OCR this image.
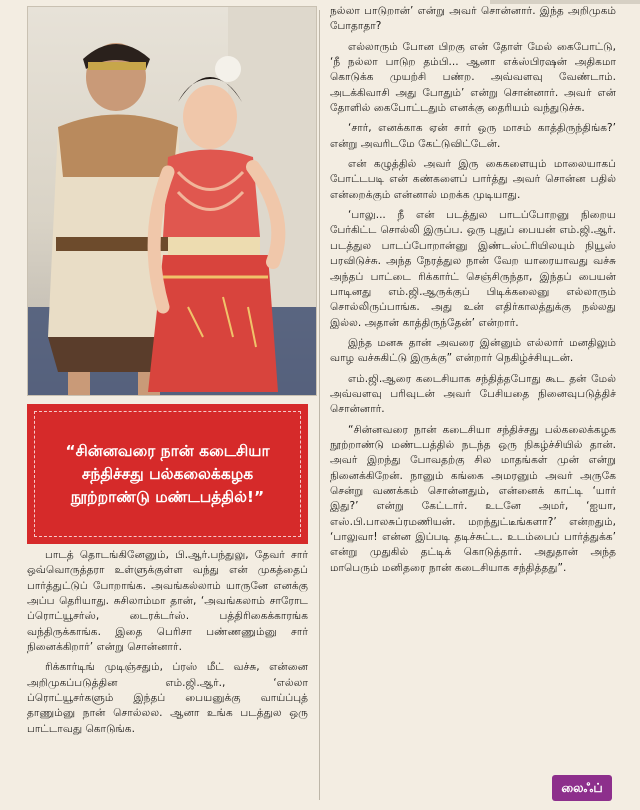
“சின்னவரை நான் கடைசியா சந்திச்சது பல்கலைக்கழக நூற்றாண்டு மண்டபத்தில்!”

பாடத் தொடங்கினேனும், பி.ஆர்.பந்துலு, தேவர் சார் ஒவ்வொருத்தரா உள்ளுக்குள்ள வந்து என் முகத்தைப் பார்த்துட்டுப் போறாங்க. அவங்கல்லாம் யாருனே எனக்கு அப்ப தெரியாது. சுசிலாம்மா தான், ‘அவங்கலாம் சாரோட ப்ரொட்யூசர்ஸ், டைரக்டர்ஸ். பத்திரிகைக்காரங்க வந்திருக்காங்க. இதை பெரிசா பண்ணணும்னு சார் நினைக்கிறார்’ என்று சொன்னார்.

ரிக்கார்டிங் முடிஞ்சதும், ப்ரஸ் மீட் வச்சு, என்னை அறிமுகப்படுத்தின எம்.ஜி.ஆர்., ‘எல்லா ப்ரொட்யூசர்களும் இந்தப் பையனுக்கு வாய்ப்புத் தாணும்னு நான் சொல்லல. ஆனா உங்க படத்துல ஒரு பாட்டாவது கொடுங்க.

நல்லா பாடுறான்’ என்று அவர் சொன்னார். இந்த அறிமுகம் போதாதா?

எல்லாரும் போன பிறகு என் தோள் மேல் கைபோட்டு, ‘நீ நல்லா பாடுற தம்பி... ஆனா எக்ஸ்பிரஷன் அதிகமா கொடுக்க முயற்சி பண்ற. அவ்வளவு வேண்டாம். அடக்கிவாசி அது போதும்’ என்று சொன்னார். அவர் என் தோளில் கைபோட்டதும் எனக்கு தைரியம் வந்துடுச்சு.

‘சார், எனக்காக ஏன் சார் ஒரு மாசம் காத்திருந்திங்க?’ என்று அவரிடமே கேட்டுவிட்டேன்.

என் கழுத்தில் அவர் இரு கைகளையும் மாலையாகப் போட்டபடி என் கண்களைப் பார்த்து அவர் சொன்ன பதில் என்றைக்கும் என்னால் மறக்க முடியாது.

‘பாலு... நீ என் படத்துல பாடப்போறனு நிறைய பேர்கிட்ட சொல்லி இருப்ப. ஒரு புதுப் பையன் எம்.ஜி.ஆர். படத்துல பாடப்போறான்னு இண்டஸ்ட்ரியிலயும் நியூஸ் பரவிடுச்சு. அந்த நேரத்துல நான் வேற யாரையாவது வச்சு அந்தப் பாட்டை ரிக்கார்ட் செஞ்சிருந்தா, இந்தப் பையன் பாடினது எம்.ஜி.ஆருக்குப் பிடிக்கலைனு எல்லாரும் சொல்லிருப்பாங்க. அது உன் எதிர்காலத்துக்கு நல்லது இல்ல. அதான் காத்திருந்தேன்’ என்றார்.

இந்த மனசு தான் அவரை இன்னும் எல்லார் மனதிலும் வாழ வச்சுகிட்டு இருக்கு” என்றார் நெகிழ்ச்சியுடன்.

எம்.ஜி.ஆரை கடைசியாக சந்தித்தபோது கூட தன் மேல் அவ்வளவு பரிவுடன் அவர் பேசியதை நினைவுபடுத்திச் சொன்னார்.

“சின்னவரை நான் கடைசியா சந்திச்சது பல்கலைக்கழக நூற்றாண்டு மண்டபத்தில் நடந்த ஒரு நிகழ்ச்சியில் தான். அவர் இறந்து போவதற்கு சில மாதங்கள் முன் என்று நினைக்கிறேன். நானும் கங்கை அமரனும் அவர் அருகே சென்று வணக்கம் சொன்னதும், என்னைக் காட்டி ‘யார் இது?’ என்று கேட்டார். உடனே அமர், ‘ஐயா, எஸ்.பி.பாலசுப்ரமணியன். மறந்துட்டீங்களா?’ என்றதும், ‘பாலுவா! என்ன இப்படி தடிச்சுட்ட. உடம்பைப் பார்த்துக்க’ என்று முதுகில் தட்டிக் கொடுத்தார். அதுதான் அந்த மாபெரும் மனிதரை நான் கடைசியாக சந்தித்தது”.

லைஃப்
